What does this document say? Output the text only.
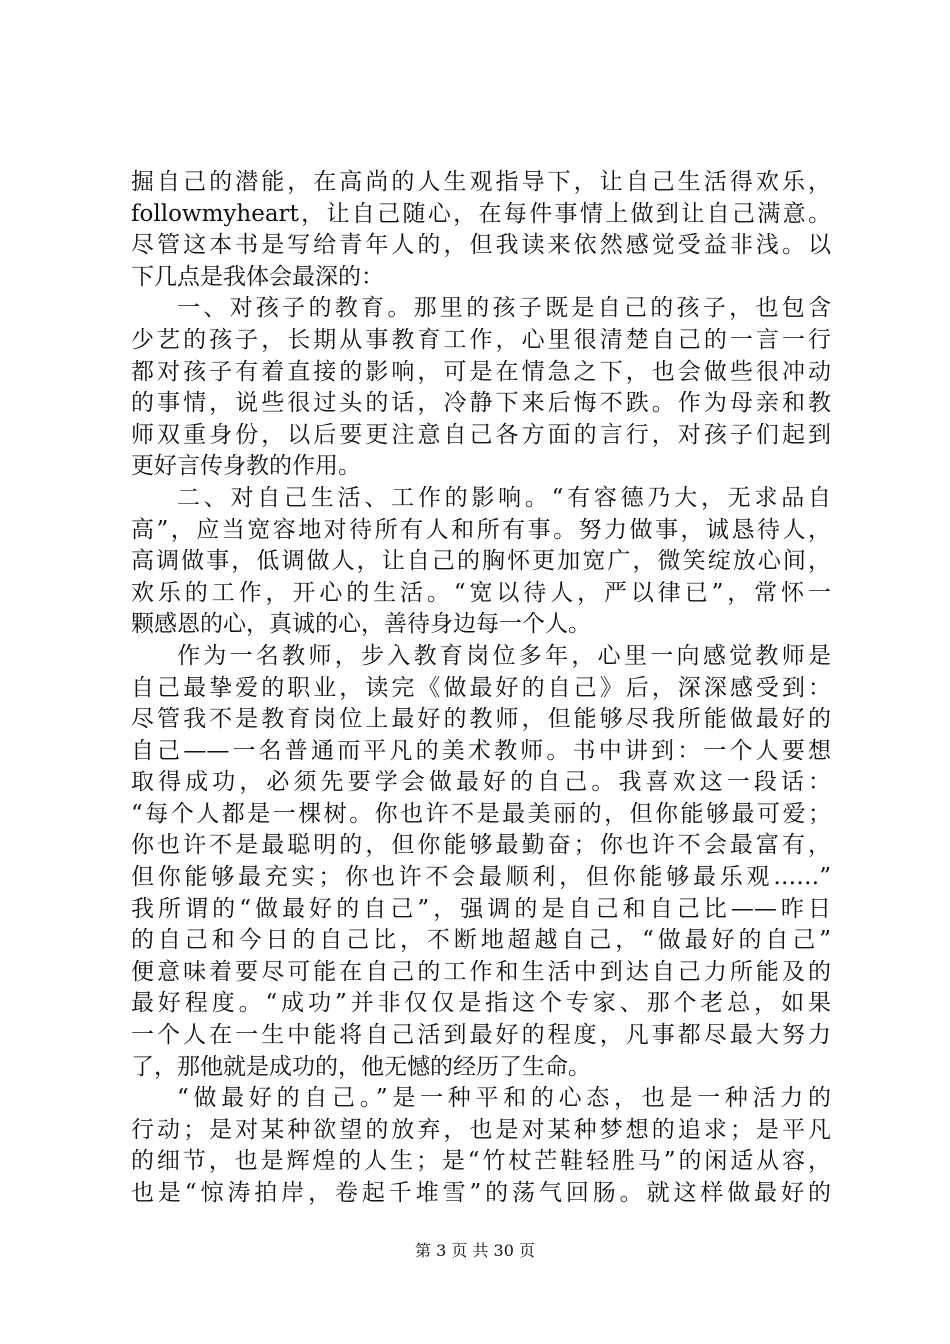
掘自己的潜能，在高尚的人生观指导下，让自己生活得欢乐，
followmyheart，让自己随心，在每件事情上做到让自己满意。
尽管这本书是写给青年人的，但我读来依然感觉受益非浅。以
下几点是我体会最深的：
一、对孩子的教育。那里的孩子既是自己的孩子，也包含
少艺的孩子，长期从事教育工作，心里很清楚自己的一言一行
都对孩子有着直接的影响，可是在情急之下，也会做些很冲动
的事情，说些很过头的话，冷静下来后悔不跌。作为母亲和教
师双重身份，以后要更注意自己各方面的言行，对孩子们起到
更好言传身教的作用。
二、对自己生活、工作的影响。“有容德乃大，无求品自
高”，应当宽容地对待所有人和所有事。努力做事，诚恳待人，
高调做事，低调做人，让自己的胸怀更加宽广，微笑绽放心间，
欢乐的工作，开心的生活。“宽以待人，严以律已”，常怀一
颗感恩的心，真诚的心，善待身边每一个人。
作为一名教师，步入教育岗位多年，心里一向感觉教师是
自己最挚爱的职业，读完《做最好的自己》后，深深感受到：
尽管我不是教育岗位上最好的教师，但能够尽我所能做最好的
自己——一名普通而平凡的美术教师。书中讲到：一个人要想
取得成功，必须先要学会做最好的自己。我喜欢这一段话：
“每个人都是一棵树。你也许不是最美丽的，但你能够最可爱；
你也许不是最聪明的，但你能够最勤奋；你也许不会最富有，
但你能够最充实；你也许不会最顺利，但你能够最乐观……”
我所谓的“做最好的自己”，强调的是自己和自己比——昨日
的自己和今日的自己比，不断地超越自己，“做最好的自己”
便意味着要尽可能在自己的工作和生活中到达自己力所能及的
最好程度。“成功”并非仅仅是指这个专家、那个老总，如果
一个人在一生中能将自己活到最好的程度，凡事都尽最大努力
了，那他就是成功的，他无憾的经历了生命。
“做最好的自己。”是一种平和的心态，也是一种活力的
行动；是对某种欲望的放弃，也是对某种梦想的追求；是平凡
的细节，也是辉煌的人生；是“竹杖芒鞋轻胜马”的闲适从容，
也是“惊涛拍岸，卷起千堆雪”的荡气回肠。就这样做最好的
第 3 页 共 30 页
